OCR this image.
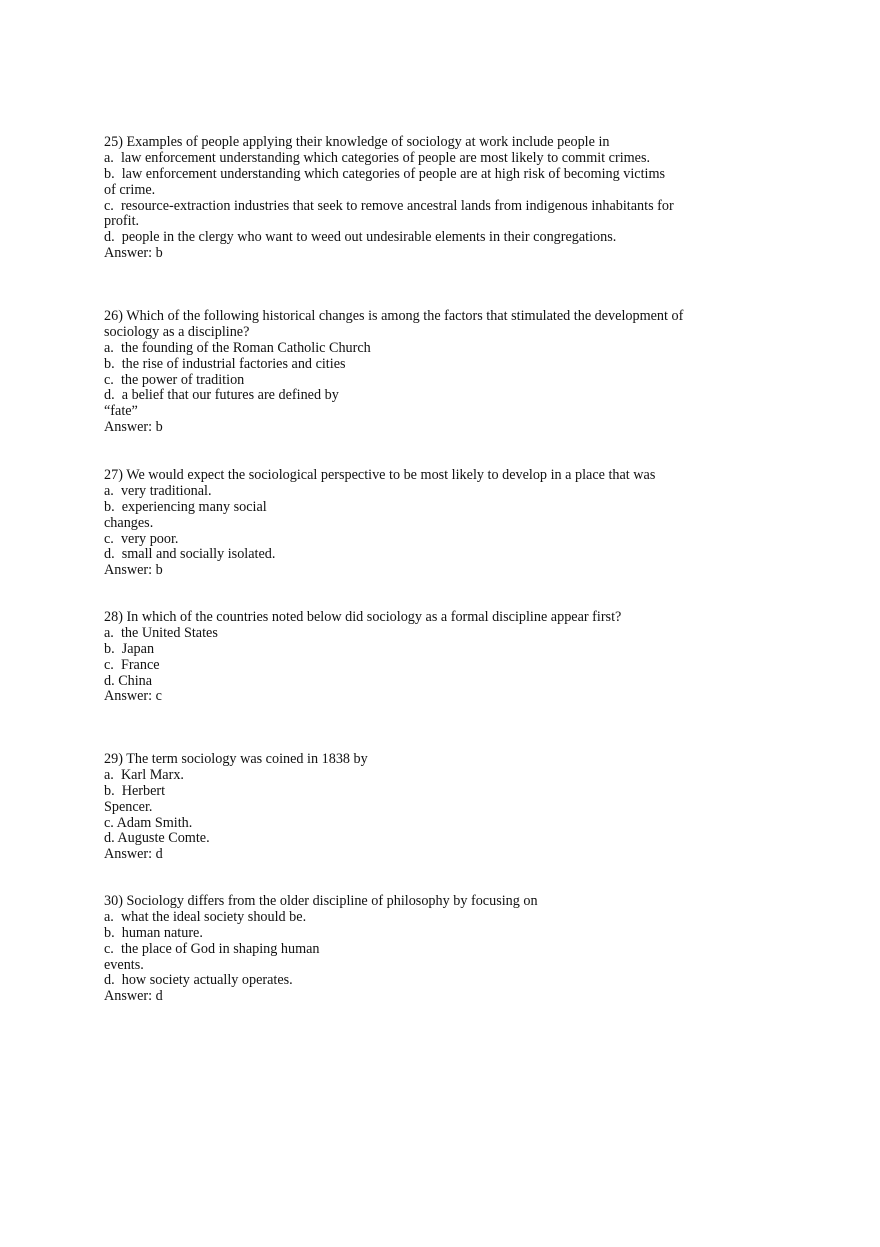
25) Examples of people applying their knowledge of sociology at work include people in
a.  law enforcement understanding which categories of people are most likely to commit crimes.
b.  law enforcement understanding which categories of people are at high risk of becoming victims
of crime.
c.  resource-extraction industries that seek to remove ancestral lands from indigenous inhabitants for
profit.
d.  people in the clergy who want to weed out undesirable elements in their congregations.
Answer: b
26) Which of the following historical changes is among the factors that stimulated the development of
sociology as a discipline?
a.  the founding of the Roman Catholic Church
b.  the rise of industrial factories and cities
c.  the power of tradition
d.  a belief that our futures are defined by
“fate”
Answer: b
27) We would expect the sociological perspective to be most likely to develop in a place that was
a.  very traditional.
b.  experiencing many social
changes.
c.  very poor.
d.  small and socially isolated.
Answer: b
28) In which of the countries noted below did sociology as a formal discipline appear first?
a.  the United States
b.  Japan
c.  France
d. China
Answer: c
29) The term sociology was coined in 1838 by
a.  Karl Marx.
b.  Herbert
Spencer.
c. Adam Smith.
d. Auguste Comte.
Answer: d
30) Sociology differs from the older discipline of philosophy by focusing on
a.  what the ideal society should be.
b.  human nature.
c.  the place of God in shaping human
events.
d.  how society actually operates.
Answer: d
